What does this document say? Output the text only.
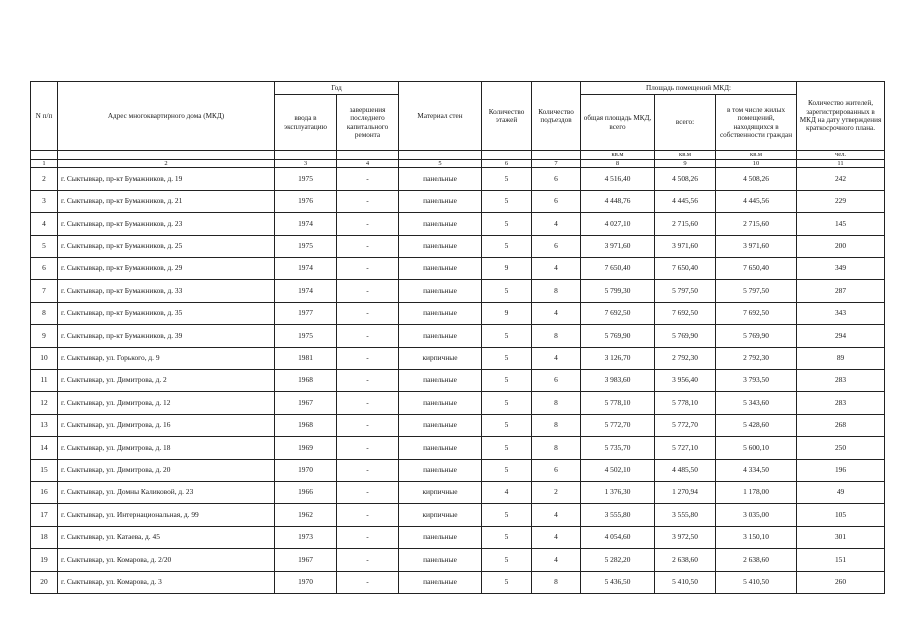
N п/п	Адрес многоквартирного дома (МКД)	Год		Материал стен	Количество этажей	Количество подъездов	Площадь помещений МКД:			Количество жителей, зарегистрированных в МКД на дату утверждения краткосрочного плана.
		ввода в эксплуатацию	завершения последнего капитального ремонта				общая площадь МКД, всего	всего:	в том числе жилых помещений, находящихся в собственности граждан	
							кв.м	кв.м	кв.м	чел.
1	2	3	4	5	6	7	8	9	10	11
2	г. Сыктывкар, пр-кт Бумажников, д. 19	1975	-	панельные	5	6	4 516,40	4 508,26	4 508,26	242
3	г. Сыктывкар, пр-кт Бумажников, д. 21	1976	-	панельные	5	6	4 448,76	4 445,56	4 445,56	229
4	г. Сыктывкар, пр-кт Бумажников, д. 23	1974	-	панельные	5	4	4 027,10	2 715,60	2 715,60	145
5	г. Сыктывкар, пр-кт Бумажников, д. 25	1975	-	панельные	5	6	3 971,60	3 971,60	3 971,60	200
6	г. Сыктывкар, пр-кт Бумажников, д. 29	1974	-	панельные	9	4	7 650,40	7 650,40	7 650,40	349
7	г. Сыктывкар, пр-кт Бумажников, д. 33	1974	-	панельные	5	8	5 799,30	5 797,50	5 797,50	287
8	г. Сыктывкар, пр-кт Бумажников, д. 35	1977	-	панельные	9	4	7 692,50	7 692,50	7 692,50	343
9	г. Сыктывкар, пр-кт Бумажников, д. 39	1975	-	панельные	5	8	5 769,90	5 769,90	5 769,90	294
10	г. Сыктывкар, ул. Горького, д. 9	1981	-	кирпичные	5	4	3 126,70	2 792,30	2 792,30	89
11	г. Сыктывкар, ул. Димитрова, д. 2	1968	-	панельные	5	6	3 983,60	3 956,40	3 793,50	283
12	г. Сыктывкар, ул. Димитрова, д. 12	1967	-	панельные	5	8	5 778,10	5 778,10	5 343,60	283
13	г. Сыктывкар, ул. Димитрова, д. 16	1968	-	панельные	5	8	5 772,70	5 772,70	5 428,60	268
14	г. Сыктывкар, ул. Димитрова, д. 18	1969	-	панельные	5	8	5 735,70	5 727,10	5 600,10	250
15	г. Сыктывкар, ул. Димитрова, д. 20	1970	-	панельные	5	6	4 502,10	4 485,50	4 334,50	196
16	г. Сыктывкар, ул. Домны Каликовой, д. 23	1966	-	кирпичные	4	2	1 376,30	1 270,94	1 178,00	49
17	г. Сыктывкар, ул. Интернациональная, д. 99	1962	-	кирпичные	5	4	3 555,80	3 555,80	3 035,00	105
18	г. Сыктывкар, ул. Катаева, д. 45	1973	-	панельные	5	4	4 054,60	3 972,50	3 150,10	301
19	г. Сыктывкар, ул. Комарова, д. 2/20	1967	-	панельные	5	4	5 282,20	2 638,60	2 638,60	151
20	г. Сыктывкар, ул. Комарова, д. 3	1970	-	панельные	5	8	5 436,50	5 410,50	5 410,50	260
